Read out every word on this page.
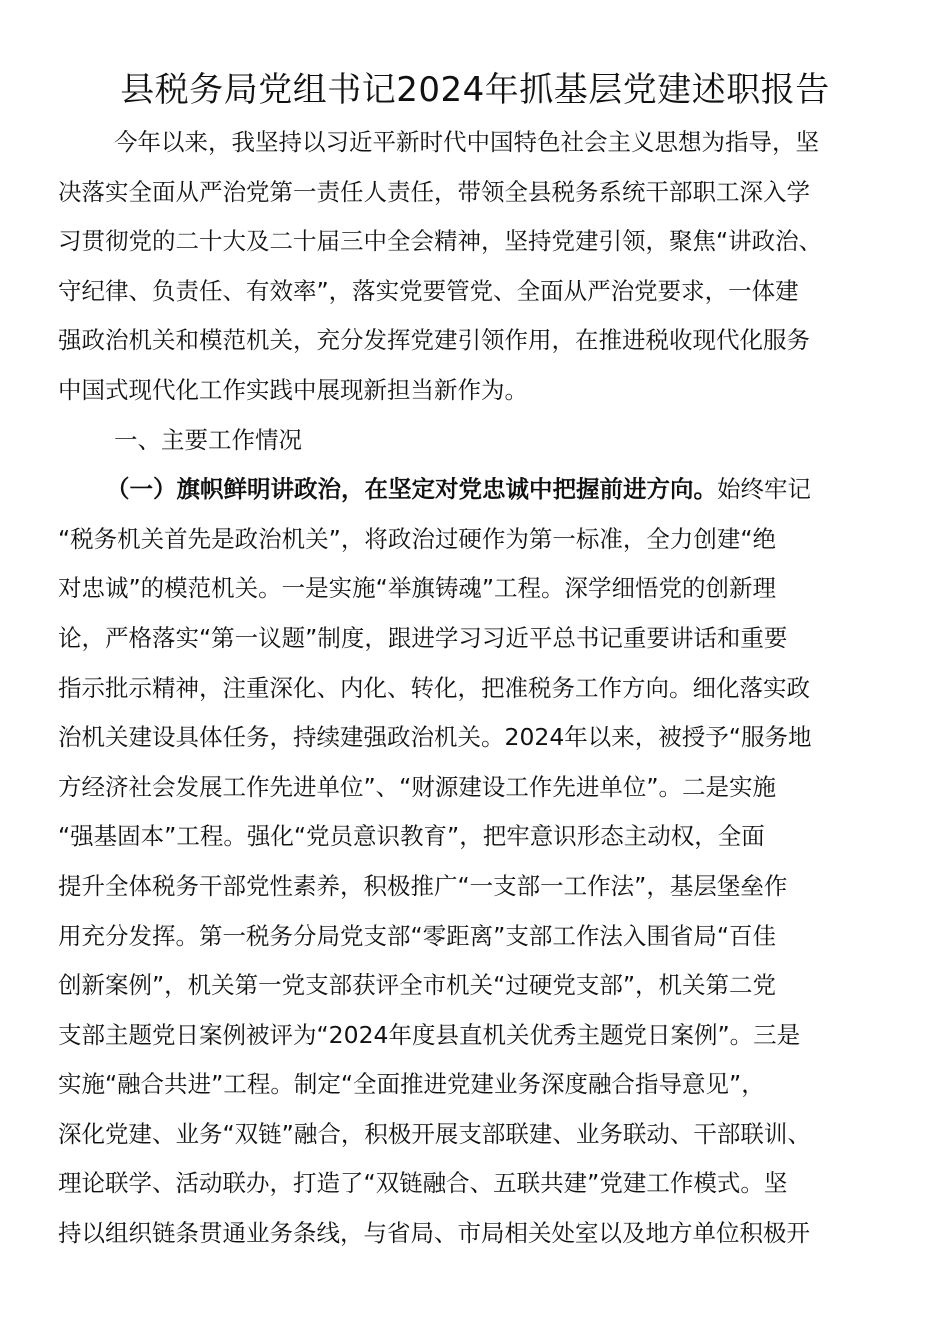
县税务局党组书记2024年抓基层党建述职报告
今年以来，我坚持以习近平新时代中国特色社会主义思想为指导，坚
决落实全面从严治党第一责任人责任，带领全县税务系统干部职工深入学
习贯彻党的二十大及二十届三中全会精神，坚持党建引领，聚焦“讲政治、
守纪律、负责任、有效率”，落实党要管党、全面从严治党要求，一体建
强政治机关和模范机关，充分发挥党建引领作用，在推进税收现代化服务
中国式现代化工作实践中展现新担当新作为。
一、主要工作情况
（一）旗帜鲜明讲政治，在坚定对党忠诚中把握前进方向。始终牢记
“税务机关首先是政治机关”，将政治过硬作为第一标准，全力创建“绝
对忠诚”的模范机关。一是实施“举旗铸魂”工程。深学细悟党的创新理
论，严格落实“第一议题”制度，跟进学习习近平总书记重要讲话和重要
指示批示精神，注重深化、内化、转化，把准税务工作方向。细化落实政
治机关建设具体任务，持续建强政治机关。2024年以来，被授予“服务地
方经济社会发展工作先进单位”、“财源建设工作先进单位”。二是实施
“强基固本”工程。强化“党员意识教育”，把牢意识形态主动权，全面
提升全体税务干部党性素养，积极推广“一支部一工作法”，基层堡垒作
用充分发挥。第一税务分局党支部“零距离”支部工作法入围省局“百佳
创新案例”，机关第一党支部获评全市机关“过硬党支部”，机关第二党
支部主题党日案例被评为“2024年度县直机关优秀主题党日案例”。三是
实施“融合共进”工程。制定“全面推进党建业务深度融合指导意见”，
深化党建、业务“双链”融合，积极开展支部联建、业务联动、干部联训、
理论联学、活动联办，打造了“双链融合、五联共建”党建工作模式。坚
持以组织链条贯通业务条线，与省局、市局相关处室以及地方单位积极开
